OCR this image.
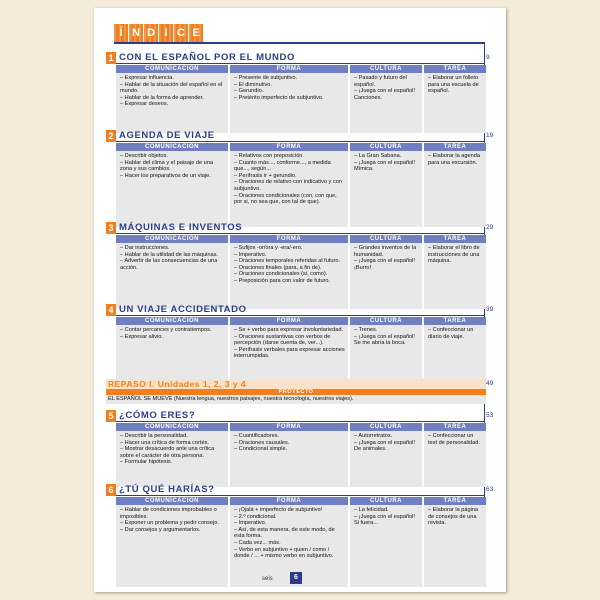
Í N D I C E
1 CON EL ESPAÑOL POR EL MUNDO	9
COMUNICACIÓN
– Expresar influencia.
– Hablar de la situación del español en el mundo.
– Hablar de la forma de aprender.
– Expresar deseos.
FORMA
– Presente de subjuntivo.
– El diminutivo.
– Gerundio.
– Pretérito imperfecto de subjuntivo.
CULTURA
– Pasado y futuro del español.
– ¡Juega con el español! Canciones.
TAREA
– Elaborar un folleto para una escuela de español.
2 AGENDA DE VIAJE	19
COMUNICACIÓN
– Describir objetos.
– Hablar del clima y el paisaje de una zona y sus cambios.
– Hacer los preparativos de un viaje.
FORMA
– Relativos con preposición.
– Cuanto más..., conforme..., a medida que..., según...
– Perífrasis ir + gerundio.
– Oraciones de relativo con indicativo y con subjuntivo.
– Oraciones condicionales (con, con que, por si, no sea que, con tal de que).
CULTURA
– La Gran Sabana.
– ¡Juega con el español! Mímica.
TAREA
– Elaborar la agenda para una excursión.
3 MÁQUINAS E INVENTOS	29
COMUNICACIÓN
– Dar instrucciones.
– Hablar de la utilidad de las máquinas.
– Advertir de las consecuencias de una acción.
FORMA
– Sufijos -or/ora y -era/-ero.
– Imperativo.
– Oraciones temporales referidas al futuro.
– Oraciones finales (para, a fin de).
– Oraciones condicionales (si, como).
– Preposición para con valor de futuro.
CULTURA
– Grandes inventos de la humanidad.
– ¡Juega con el español! ¡Burro!
TAREA
– Elaborar el libro de instrucciones de una máquina.
4 UN VIAJE ACCIDENTADO	39
COMUNICACIÓN
– Contar percances y contratiempos.
– Expresar alivio.
FORMA
– Se + verbo para expresar involuntariedad.
– Oraciones sustantivas con verbos de percepción (darse cuenta de, ver...).
– Perífrasis verbales para expresar acciones interrumpidas.
CULTURA
– Trenes.
– ¡Juega con el español! Se me abría la boca.
TAREA
– Confeccionar un diario de viaje.
5 ¿CÓMO ERES?	53
COMUNICACIÓN
– Describir la personalidad.
– Hacer una crítica de forma cortés.
– Mostrar desacuerdo ante una crítica sobre el carácter de otra persona.
– Formular hipótesis.
FORMA
– Cuantificadores.
– Oraciones causales.
– Condicional simple.
CULTURA
– Autorretratos.
– ¡Juega con el español! De animales.
TAREA
– Confeccionar un test de personalidad.
6 ¿TÚ QUÉ HARÍAS?	63
COMUNICACIÓN
– Hablar de condiciones improbables o imposibles.
– Exponer un problema y pedir consejo.
– Dar consejos y argumentarlos.
FORMA
– ¡Ojalá + imperfecto de subjuntivo!
– 2.º condicional.
– Imperativo.
– Así, de esta manera, de este modo, de esta forma.
– Cada vez... más.
– Verbo en subjuntivo + quien / como / donde / ... + mismo verbo en subjuntivo.
CULTURA
– La felicidad.
– ¡Juega con el español! Si fuera...
TAREA
– Elaborar la página de consejos de una revista.
REPASO I. Unidades 1, 2, 3 y 4	49
PROYECTO
EL ESPAÑOL SE MUEVE (Nuestra lengua, nuestros paisajes, nuestra tecnología, nuestros viajes).
seis	6
